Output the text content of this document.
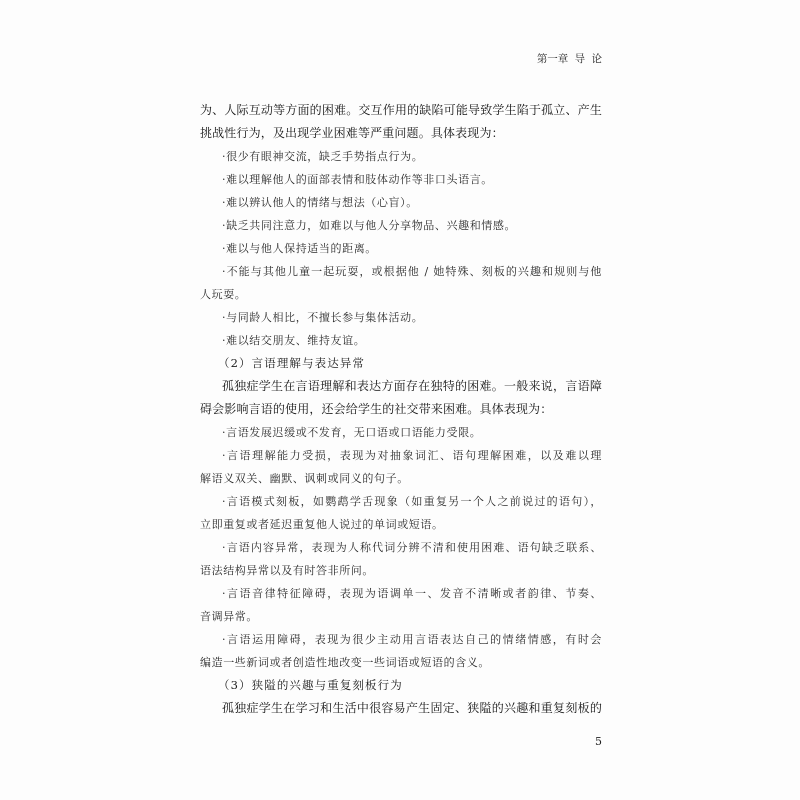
第一章 导 论
为、人际互动等方面的困难。交互作用的缺陷可能导致学生陷于孤立、产生
挑战性行为，及出现学业困难等严重问题。具体表现为：
·很少有眼神交流，缺乏手势指点行为。
·难以理解他人的面部表情和肢体动作等非口头语言。
·难以辨认他人的情绪与想法（心盲）。
·缺乏共同注意力，如难以与他人分享物品、兴趣和情感。
·难以与他人保持适当的距离。
·不能与其他儿童一起玩耍，或根据他 / 她特殊、刻板的兴趣和规则与他
人玩耍。
·与同龄人相比，不擅长参与集体活动。
·难以结交朋友、维持友谊。
（2）言语理解与表达异常
孤独症学生在言语理解和表达方面存在独特的困难。一般来说，言语障
碍会影响言语的使用，还会给学生的社交带来困难。具体表现为：
·言语发展迟缓或不发育，无口语或口语能力受限。
·言语理解能力受损，表现为对抽象词汇、语句理解困难，以及难以理
解语义双关、幽默、讽刺或同义的句子。
·言语模式刻板，如鹦鹉学舌现象（如重复另一个人之前说过的语句），
立即重复或者延迟重复他人说过的单词或短语。
·言语内容异常，表现为人称代词分辨不清和使用困难、语句缺乏联系、
语法结构异常以及有时答非所问。
·言语音律特征障碍，表现为语调单一、发音不清晰或者韵律、节奏、
音调异常。
·言语运用障碍，表现为很少主动用言语表达自己的情绪情感，有时会
编造一些新词或者创造性地改变一些词语或短语的含义。
（3）狭隘的兴趣与重复刻板行为
孤独症学生在学习和生活中很容易产生固定、狭隘的兴趣和重复刻板的
5
